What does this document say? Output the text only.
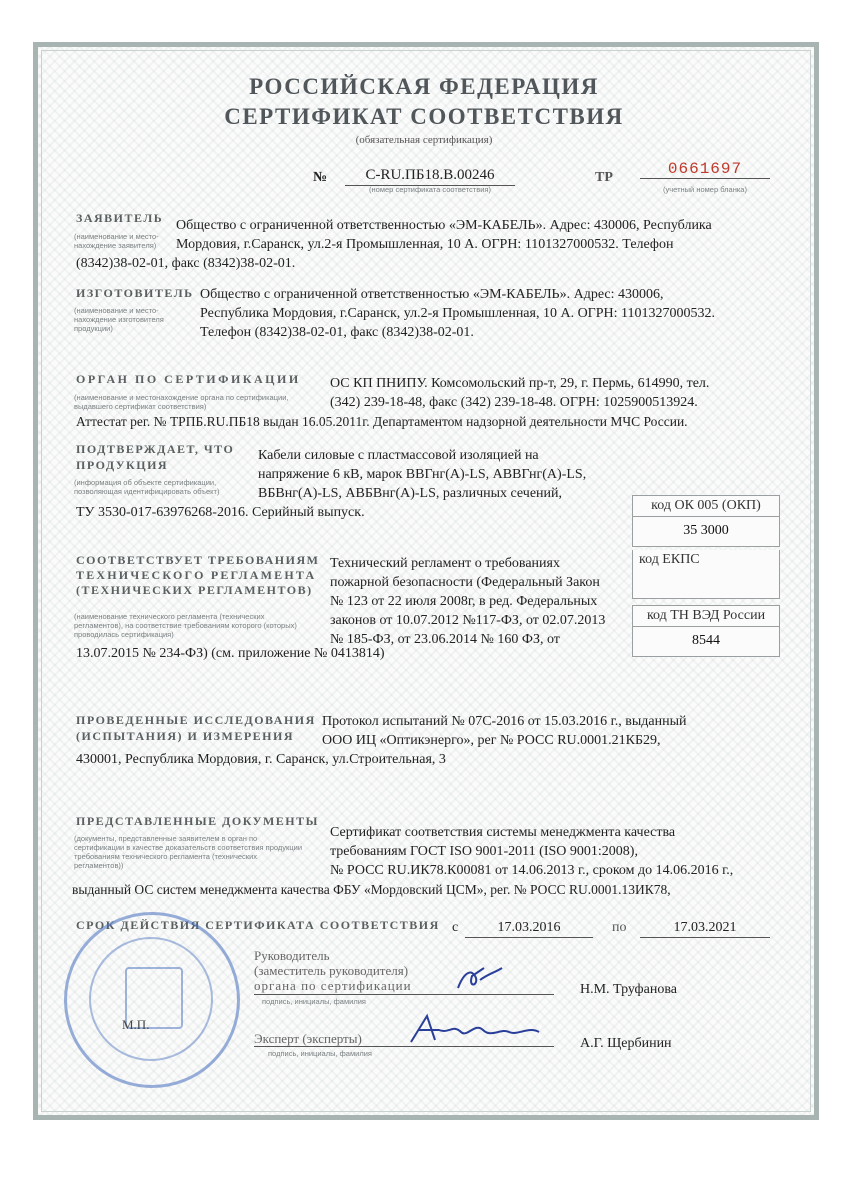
РОССИЙСКАЯ ФЕДЕРАЦИЯ
СЕРТИФИКАТ СООТВЕТСТВИЯ
(обязательная сертификация)
№	C-RU.ПБ18.В.00246
(номер сертификата соответствия)
ТР	0661697
(учетный номер бланка)
ЗАЯВИТЕЛЬ
(наименование и место-нахождение заявителя)
Общество с ограниченной ответственностью «ЭМ-КАБЕЛЬ». Адрес: 430006, Республика
Мордовия, г.Саранск, ул.2-я Промышленная, 10 А. ОГРН: 1101327000532. Телефон
(8342)38-02-01, факс (8342)38-02-01.
ИЗГОТОВИТЕЛЬ
(наименование и место-нахождение изготовителя продукции)
Общество с ограниченной ответственностью «ЭМ-КАБЕЛЬ». Адрес: 430006,
Республика Мордовия, г.Саранск, ул.2-я Промышленная, 10 А. ОГРН: 1101327000532.
Телефон (8342)38-02-01, факс (8342)38-02-01.
ОРГАН ПО СЕРТИФИКАЦИИ
(наименование и местонахождение органа по сертификации, выдавшего сертификат соответствия)
ОС КП ПНИПУ. Комсомольский пр-т, 29, г. Пермь, 614990, тел.
(342) 239-18-48, факс (342) 239-18-48. ОГРН: 1025900513924.
Аттестат рег. № ТРПБ.RU.ПБ18 выдан 16.05.2011г. Департаментом надзорной деятельности МЧС России.
ПОДТВЕРЖДАЕТ, ЧТО
ПРОДУКЦИЯ
(информация об объекте сертификации, позволяющая идентифицировать объект)
Кабели силовые с пластмассовой изоляцией на
напряжение 6 кВ, марок ВВГнг(А)-LS, АВВГнг(А)-LS,
ВБВнг(А)-LS, АВБВнг(А)-LS, различных сечений,
ТУ 3530-017-63976268-2016. Серийный выпуск.	код ОК 005 (ОКП)
35 3000
код ЕКПС
код ТН ВЭД России
8544
СООТВЕТСТВУЕТ ТРЕБОВАНИЯМ
ТЕХНИЧЕСКОГО РЕГЛАМЕНТА
(ТЕХНИЧЕСКИХ РЕГЛАМЕНТОВ)
(наименование технического регламента (технических регламентов), на соответствие требованиям которого (которых) проводилась сертификация)
Технический регламент о требованиях
пожарной безопасности (Федеральный Закон
№ 123 от 22 июля 2008г, в ред. Федеральных
законов от 10.07.2012 №117-ФЗ, от 02.07.2013
№ 185-ФЗ, от 23.06.2014 № 160 ФЗ, от
13.07.2015 № 234-ФЗ) (см. приложение № 0413814)
ПРОВЕДЕННЫЕ ИССЛЕДОВАНИЯ
(ИСПЫТАНИЯ) И ИЗМЕРЕНИЯ
Протокол испытаний № 07С-2016 от 15.03.2016 г., выданный
ООО ИЦ «Оптикэнерго», рег № РОСС RU.0001.21КБ29,
430001, Республика Мордовия, г. Саранск, ул.Строительная, 3
ПРЕДСТАВЛЕННЫЕ ДОКУМЕНТЫ
(документы, представленные заявителем в орган по сертификации в качестве доказательств соответствия продукции требованиям технического регламента (технических регламентов))
Сертификат соответствия системы менеджмента качества
требованиям ГОСТ ISO 9001-2011 (ISO 9001:2008),
№ РОСС RU.ИК78.К00081 от 14.06.2013 г., сроком до 14.06.2016 г.,
выданный ОС систем менеджмента качества ФБУ «Мордовский ЦСМ», рег. № РОСС RU.0001.13ИК78,
СРОК ДЕЙСТВИЯ СЕРТИФИКАТА СООТВЕТСТВИЯ с	17.03.2016	по	17.03.2021
Руководитель
(заместитель руководителя)
органа по сертификации
подпись, инициалы, фамилия
Н.М. Труфанова
М.П.
Эксперт (эксперты)
подпись, инициалы, фамилия
А.Г. Щербинин
